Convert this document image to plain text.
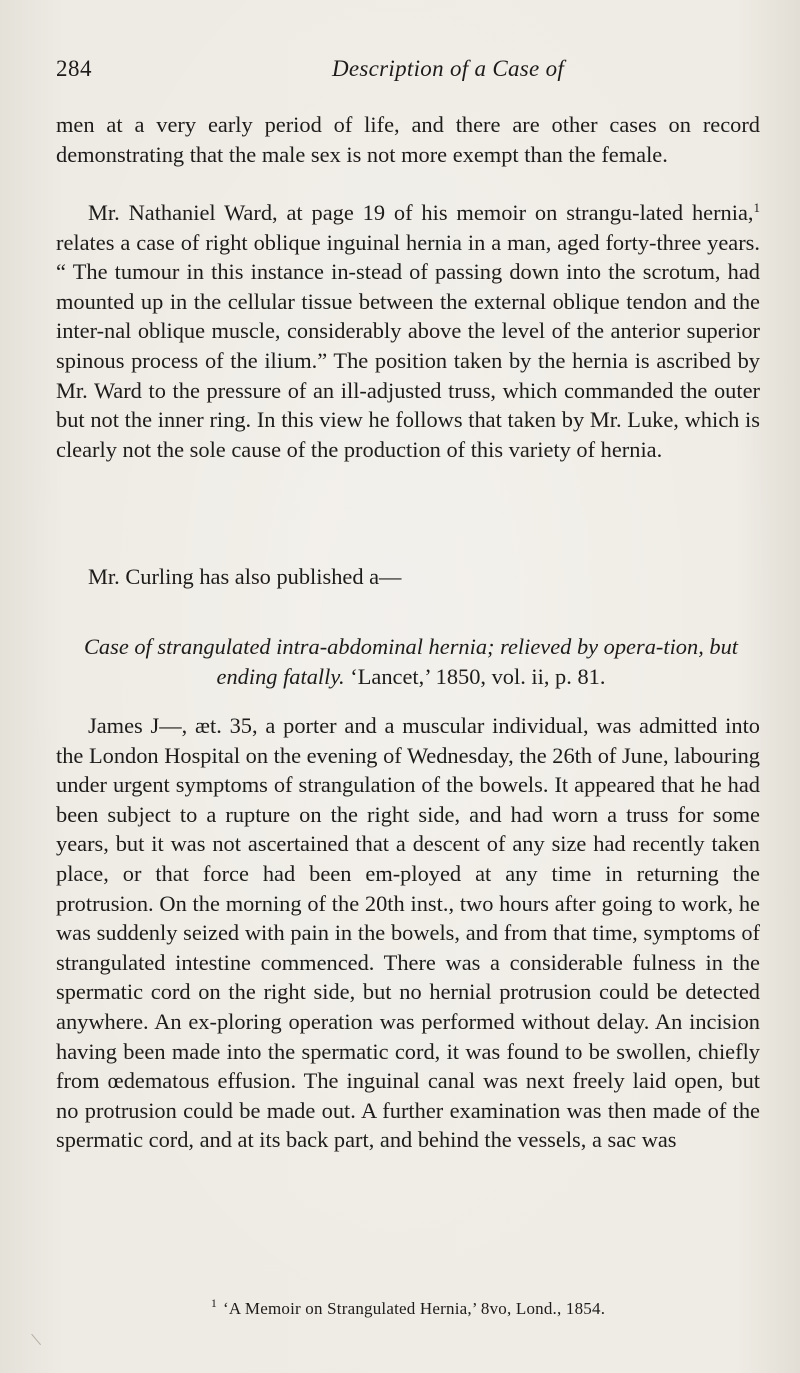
284	Description of a Case of

men at a very early period of life, and there are other cases on record demonstrating that the male sex is not more exempt than the female.

Mr. Nathaniel Ward, at page 19 of his memoir on strangu-lated hernia,$^1$ relates a case of right oblique inguinal hernia in a man, aged forty-three years. “ The tumour in this instance in-stead of passing down into the scrotum, had mounted up in the cellular tissue between the external oblique tendon and the inter-nal oblique muscle, considerably above the level of the anterior superior spinous process of the ilium.” The position taken by the hernia is ascribed by Mr. Ward to the pressure of an ill-adjusted truss, which commanded the outer but not the inner ring. In this view he follows that taken by Mr. Luke, which is clearly not the sole cause of the production of this variety of hernia.

Mr. Curling has also published a—

Case of strangulated intra-abdominal hernia; relieved by opera-tion, but ending fatally. ‘Lancet,’ 1850, vol. ii, p. 81.

James J—, æt. 35, a porter and a muscular individual, was admitted into the London Hospital on the evening of Wednesday, the 26th of June, labouring under urgent symptoms of strangulation of the bowels. It appeared that he had been subject to a rupture on the right side, and had worn a truss for some years, but it was not ascertained that a descent of any size had recently taken place, or that force had been em-ployed at any time in returning the protrusion. On the morning of the 20th inst., two hours after going to work, he was suddenly seized with pain in the bowels, and from that time, symptoms of strangulated intestine commenced. There was a considerable fulness in the spermatic cord on the right side, but no hernial protrusion could be detected anywhere. An ex-ploring operation was performed without delay. An incision having been made into the spermatic cord, it was found to be swollen, chiefly from œdematous effusion. The inguinal canal was next freely laid open, but no protrusion could be made out. A further examination was then made of the spermatic cord, and at its back part, and behind the vessels, a sac was

$^1$ ‘A Memoir on Strangulated Hernia,’ 8vo, Lond., 1854.
